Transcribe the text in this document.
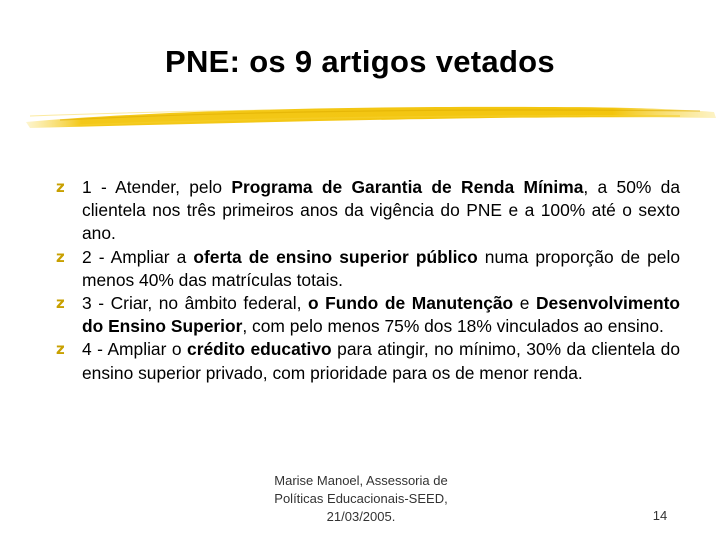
PNE: os 9 artigos vetados
z 1 - Atender, pelo Programa de Garantia de Renda Mínima, a 50% da clientela nos três primeiros anos da vigência do PNE e a 100% até o sexto ano.
z 2 - Ampliar a oferta de ensino superior público numa proporção de pelo menos 40% das matrículas totais.
z 3 - Criar, no âmbito federal, o Fundo de Manutenção e Desenvolvimento do Ensino Superior, com pelo menos 75% dos 18% vinculados ao ensino.
z 4 - Ampliar o crédito educativo para atingir, no mínimo, 30% da clientela do ensino superior privado, com prioridade para os de menor renda.
Marise Manoel, Assessoria de
Políticas Educacionais-SEED,
21/03/2005.	14
